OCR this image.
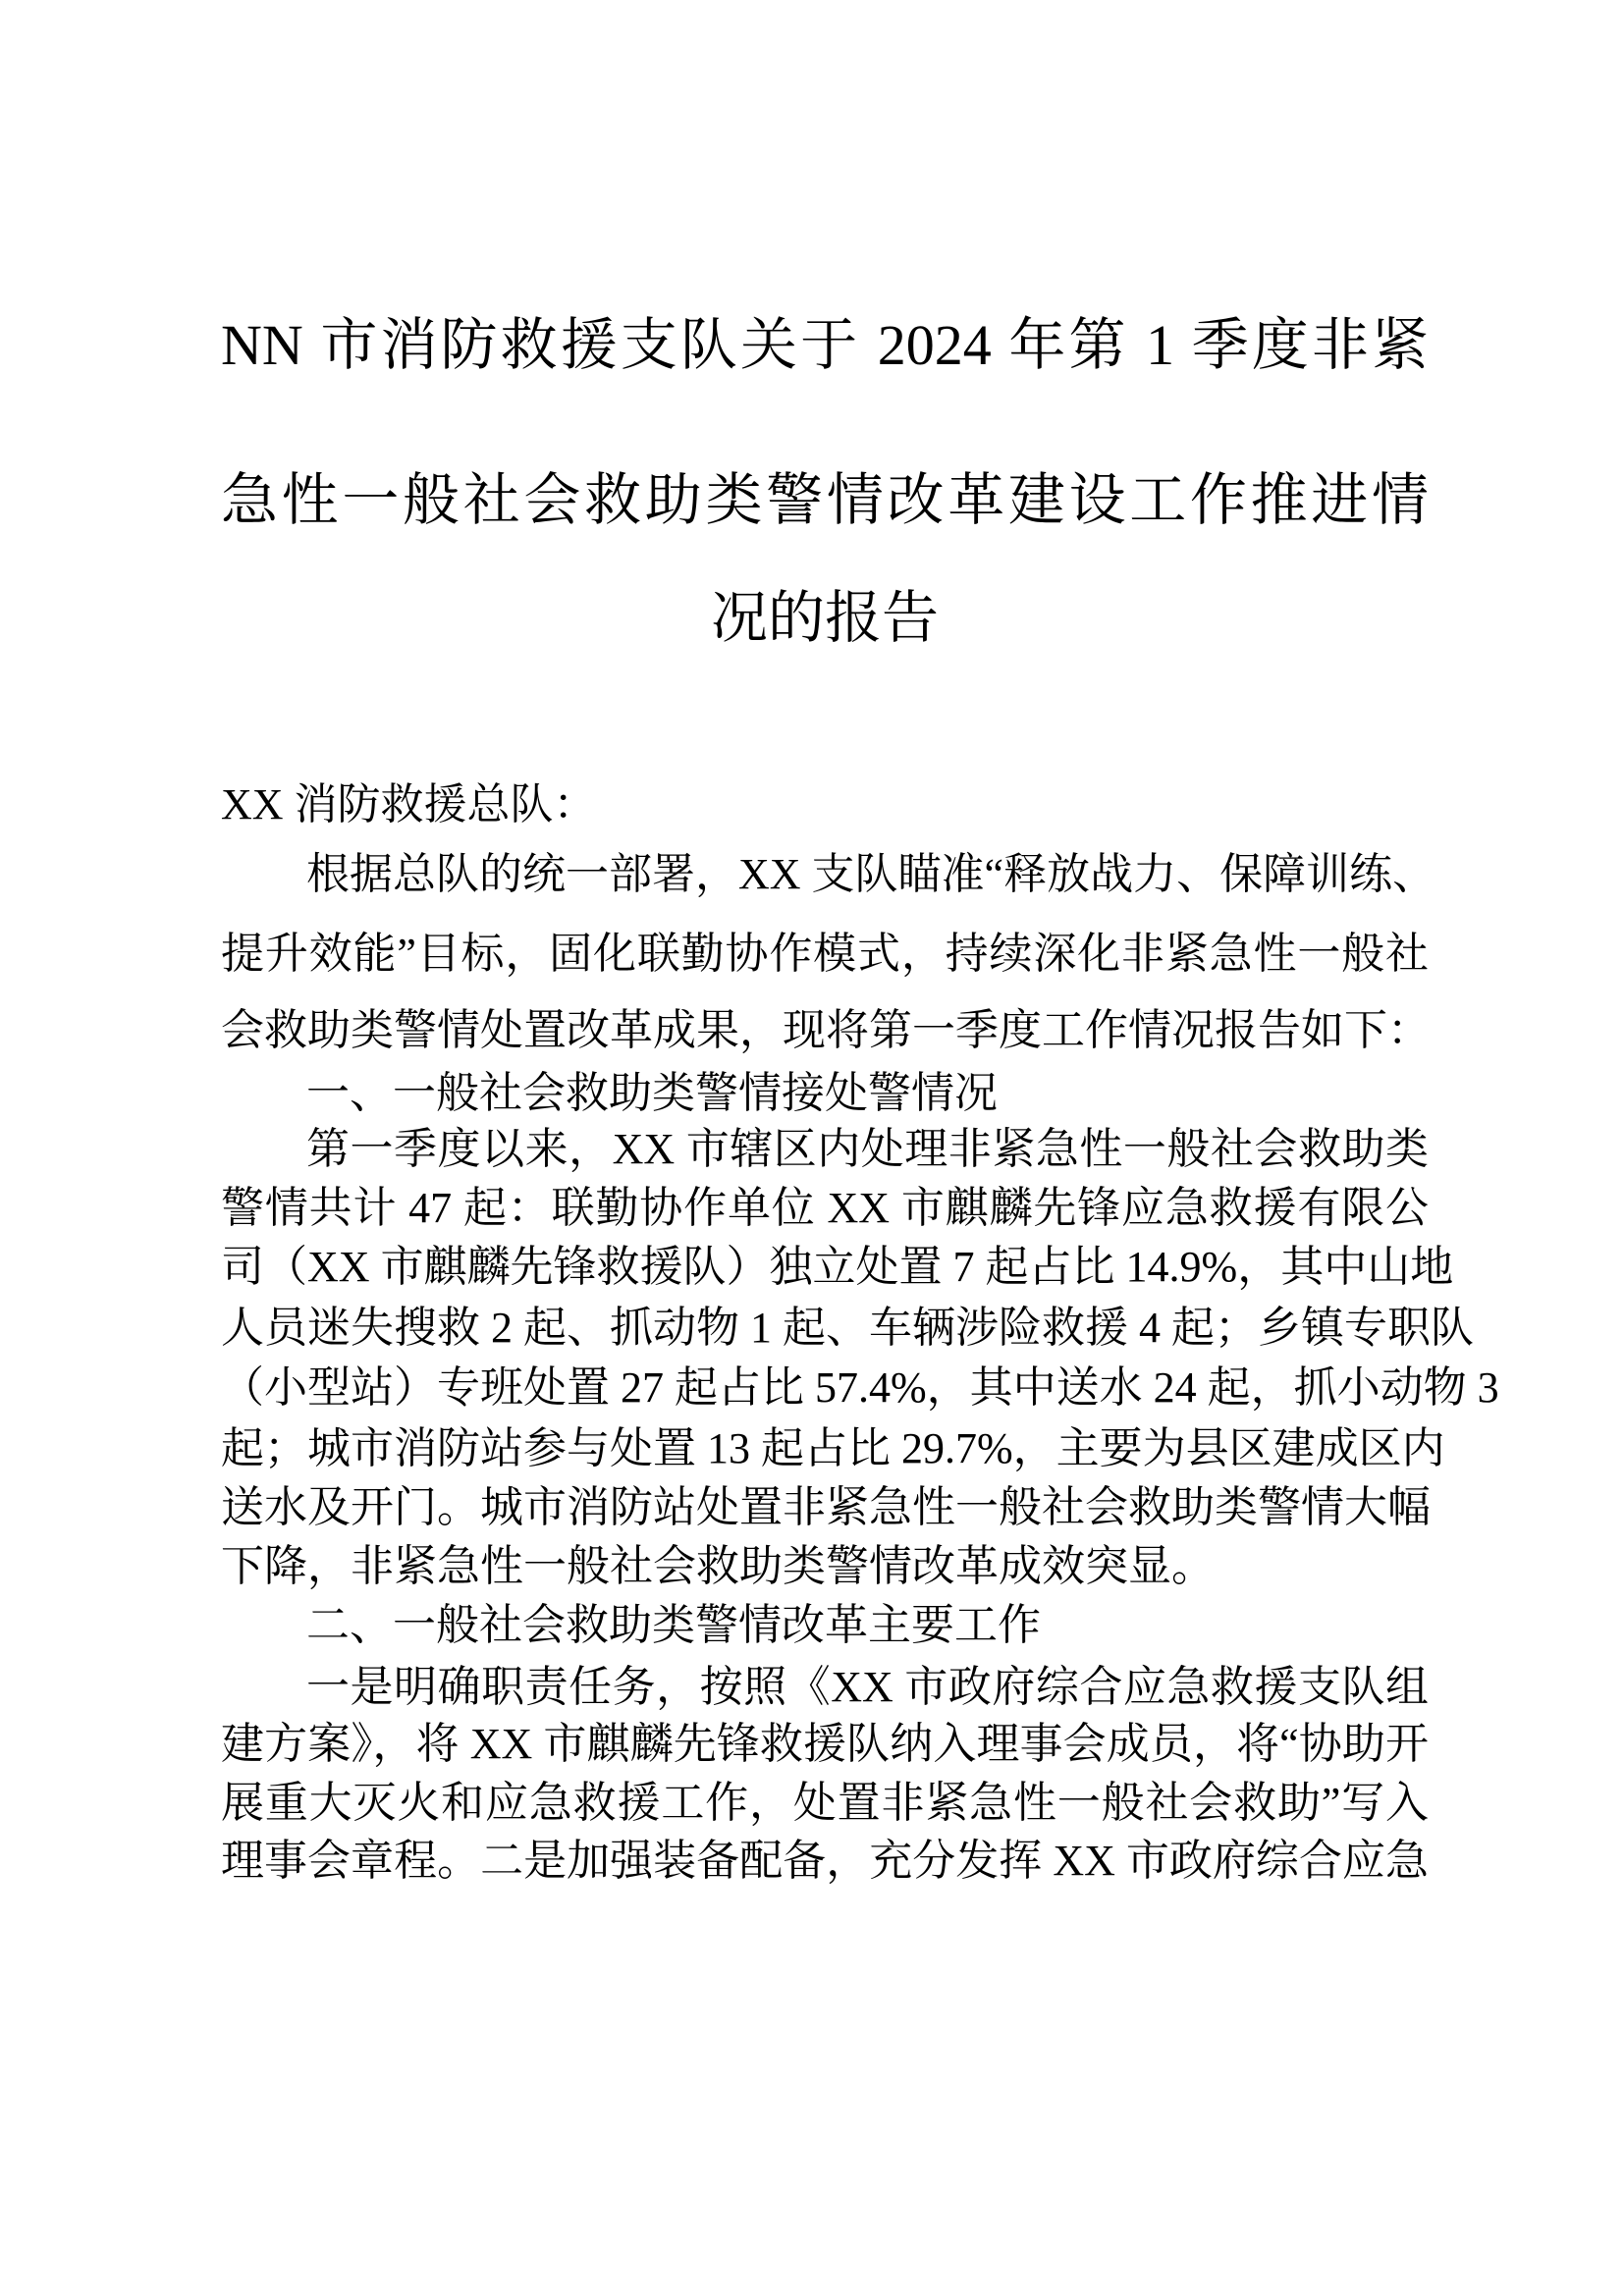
NN 市消防救援支队关于 2024 年第 1 季度非紧
急性一般社会救助类警情改革建设工作推进情
况的报告
XX 消防救援总队：
根据总队的统一部署，XX 支队瞄准“释放战力、保障训练、
提升效能”目标，固化联勤协作模式，持续深化非紧急性一般社
会救助类警情处置改革成果，现将第一季度工作情况报告如下：
一、一般社会救助类警情接处警情况
第一季度以来，XX 市辖区内处理非紧急性一般社会救助类
警情共计 47 起：联勤协作单位 XX 市麒麟先锋应急救援有限公
司（XX 市麒麟先锋救援队）独立处置 7 起占比 14.9%，其中山地
人员迷失搜救 2 起、抓动物 1 起、车辆涉险救援 4 起；乡镇专职队
（小型站）专班处置 27 起占比 57.4%，其中送水 24 起，抓小动物 3
起；城市消防站参与处置 13 起占比 29.7%，主要为县区建成区内
送水及开门。城市消防站处置非紧急性一般社会救助类警情大幅
下降，非紧急性一般社会救助类警情改革成效突显。
二、一般社会救助类警情改革主要工作
一是明确职责任务，按照《XX 市政府综合应急救援支队组
建方案》，将 XX 市麒麟先锋救援队纳入理事会成员，将“协助开
展重大灭火和应急救援工作，处置非紧急性一般社会救助”写入
理事会章程。二是加强装备配备，充分发挥 XX 市政府综合应急
